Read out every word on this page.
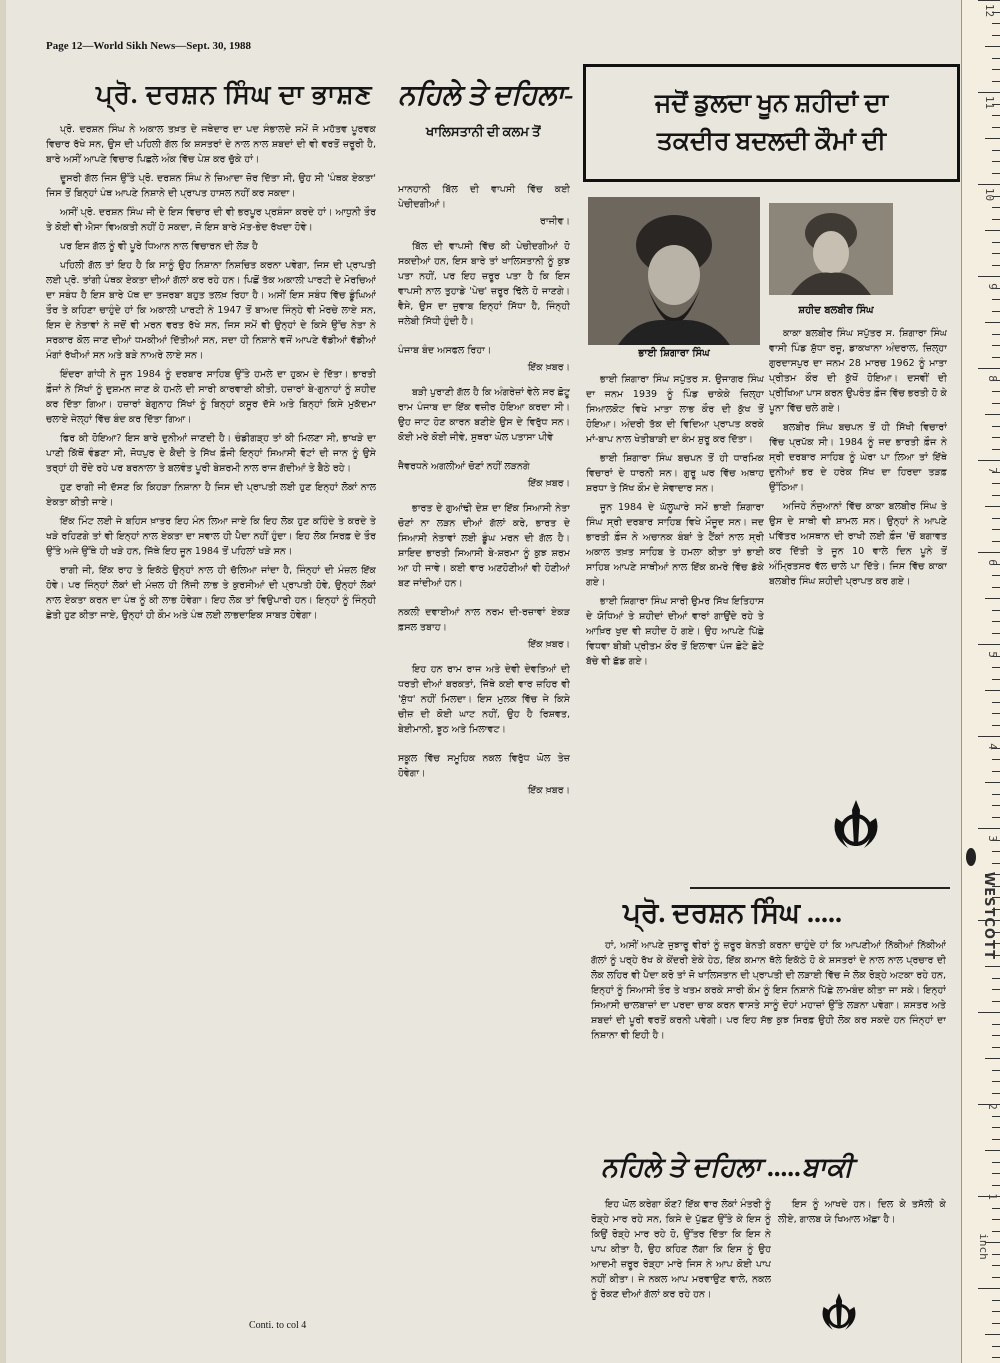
Page 12—World Sikh News—Sept. 30, 1988
ਪ੍ਰੋ. ਦਰਸ਼ਨ ਸਿੰਘ ਦਾ ਭਾਸ਼ਣ

ਪ੍ਰੋ. ਦਰਸ਼ਨ ਸਿੰਘ ਨੇ ਅਕਾਲ ਤਖ਼ਤ ਦੇ ਜਥੇਦਾਰ ਦਾ ਪਦ ਸੰਭਾਲਦੇ ਸਮੇਂ ਜੋ ਮਹੱਤਵ ਪੂਰਵਕ ਵਿਚਾਰ ਰੱਖੇ ਸਨ, ਉਸ ਦੀ ਪਹਿਲੀ ਗੱਲ ਕਿ ਸ਼ਸਤਰਾਂ ਦੇ ਨਾਲ ਨਾਲ ਸ਼ਬਦਾਂ ਦੀ ਵੀ ਵਰਤੋਂ ਜ਼ਰੂਰੀ ਹੈ, ਬਾਰੇ ਅਸੀਂ ਆਪਣੇ ਵਿਚਾਰ ਪਿਛਲੇ ਅੰਕ ਵਿੱਚ ਪੇਸ਼ ਕਰ ਚੁੱਕੇ ਹਾਂ।

ਦੂਸਰੀ ਗੱਲ ਜਿਸ ਉੱਤੇ ਪ੍ਰੋ. ਦਰਸ਼ਨ ਸਿੰਘ ਨੇ ਜ਼ਿਆਦਾ ਜ਼ੋਰ ਦਿੱਤਾ ਸੀ, ਉਹ ਸੀ 'ਪੰਥਕ ਏਕਤਾ' ਜਿਸ ਤੋਂ ਬਿਨ੍ਹਾਂ ਪੰਥ ਆਪਣੇ ਨਿਸ਼ਾਨੇ ਦੀ ਪ੍ਰਾਪਤ ਹਾਸਲ ਨਹੀਂ ਕਰ ਸਕਦਾ।

ਅਸੀਂ ਪ੍ਰੋ. ਦਰਸ਼ਨ ਸਿੰਘ ਜੀ ਦੇ ਇਸ ਵਿਚਾਰ ਦੀ ਵੀ ਭਰਪੂਰ ਪ੍ਰਸ਼ੰਸਾ ਕਰਦੇ ਹਾਂ। ਆਧੁਨੀ ਤੌਰ ਤੇ ਕੋਈ ਵੀ ਐਸਾ ਵਿਅਕਤੀ ਨਹੀਂ ਹੋ ਸਕਦਾ, ਜੋ ਇਸ ਬਾਰੇ ਮੱਤ-ਭੇਦ ਰੱਖਦਾ ਹੋਵੇ।

ਪਰ ਇਸ ਗੱਲ ਨੂੰ ਵੀ ਪੂਰੇ ਧਿਆਨ ਨਾਲ ਵਿਚਾਰਨ ਦੀ ਲੋੜ ਹੈ

ਪਹਿਲੀ ਗੱਲ ਤਾਂ ਇਹ ਹੈ ਕਿ ਸਾਨੂੰ ਉਹ ਨਿਸ਼ਾਨਾ ਨਿਸ਼ਚਿਤ ਕਰਨਾ ਪਵੇਗਾ, ਜਿਸ ਦੀ ਪ੍ਰਾਪਤੀ ਲਈ ਪ੍ਰੋ. ਤਾਂਗੀ ਪੰਥਕ ਏਕਤਾ ਦੀਆਂ ਗੱਲਾਂ ਕਰ ਰਹੇ ਹਨ। ਪਿਛੋਂ ਤੱਕ ਅਕਾਲੀ ਪਾਰਟੀ ਦੇ ਮੋਰਚਿਆਂ ਦਾ ਸਬੰਧ ਹੈ ਇਸ ਬਾਰੇ ਪੱਥ ਦਾ ਤਜਰਬਾ ਬਹੁਤ ਤਲਖ਼ ਰਿਹਾ ਹੈ। ਅਸੀਂ ਇਸ ਸਬੰਧ ਵਿੱਚ ਡੂੰਘਿਆਂ ਤੌਰ ਤੇ ਕਹਿਣਾ ਚਾਹੁੰਦੇ ਹਾਂ ਕਿ ਅਕਾਲੀ ਪਾਰਟੀ ਨੇ 1947 ਤੋਂ ਬਾਅਦ ਜਿੰਨ੍ਹੇ ਵੀ ਮੋਰਚੇ ਲਾਏ ਸਨ, ਇਸ ਦੇ ਨੇਤਾਵਾਂ ਨੇ ਜਦੋਂ ਵੀ ਮਰਨ ਵਰਤ ਰੱਖੇ ਸਨ, ਜਿਸ ਸਮੇਂ ਵੀ ਉਨ੍ਹਾਂ ਦੇ ਕਿਸੇ ਉੱਚ ਨੇਤਾ ਨੇ ਸਰਕਾਰ ਕੋਲ ਜਾਣ ਦੀਆਂ ਧਮਕੀਆਂ ਦਿੱਤੀਆਂ ਸਨ, ਸਦਾ ਹੀ ਨਿਸ਼ਾਨੇ ਵਜੋਂ ਆਪਣੇ ਵੱਡੀਆਂ ਵੱਡੀਆਂ ਮੰਗਾਂ ਰੱਖੀਆਂ ਸਨ ਅਤੇ ਬੜੇ ਨਾਅਰੇ ਲਾਏ ਸਨ।

ਇੰਦਰਾ ਗਾਂਧੀ ਨੇ ਜੂਨ 1984 ਨੂੰ ਦਰਬਾਰ ਸਾਹਿਬ ਉੱਤੇ ਹਮਲੇ ਦਾ ਹੁਕਮ ਦੇ ਦਿੱਤਾ। ਭਾਰਤੀ ਫ਼ੌਜਾਂ ਨੇ ਸਿੱਖਾਂ ਨੂੰ ਦੁਸ਼ਮਨ ਜਾਣ ਕੇ ਹਮਲੇ ਦੀ ਸਾਰੀ ਕਾਰਵਾਈ ਕੀਤੀ, ਹਜ਼ਾਰਾਂ ਬੇ-ਗੁਨਾਹਾਂ ਨੂੰ ਸ਼ਹੀਦ ਕਰ ਦਿੱਤਾ ਗਿਆ। ਹਜ਼ਾਰਾਂ ਬੇਗੁਨਾਹ ਸਿੱਖਾਂ ਨੂੰ ਬਿਨ੍ਹਾਂ ਕਸੂਰ ਦੱਸੇ ਅਤੇ ਬਿਨ੍ਹਾਂ ਕਿਸੇ ਮੁਕੱਦਮਾ ਚਲਾਏ ਜੇਲ੍ਹਾਂ ਵਿੱਚ ਬੰਦ ਕਰ ਦਿੱਤਾ ਗਿਆ।

ਫਿਰ ਕੀ ਹੋਇਆ? ਇਸ ਬਾਰੇ ਦੁਨੀਆਂ ਜਾਣਦੀ ਹੈ। ਚੰਡੀਗੜ੍ਹ ਤਾਂ ਕੀ ਮਿਲਣਾ ਸੀ, ਭਾਖੜੇ ਦਾ ਪਾਣੀ ਕਿੱਥੋਂ ਵੰਡਣਾ ਸੀ, ਜੋਧਪੁਰ ਦੇ ਕੈਦੀ ਤੇ ਸਿੱਖ ਫ਼ੌਜੀ ਇਨ੍ਹਾਂ ਸਿਆਸੀ ਵੋਟਾਂ ਦੀ ਜਾਨ ਨੂੰ ਉਸੇ ਤਰ੍ਹਾਂ ਹੀ ਰੋਂਦੇ ਰਹੇ ਪਰ ਬਰਨਾਲਾ ਤੇ ਬਲਵੰਤ ਪੂਰੀ ਬੇਸ਼ਰਮੀ ਨਾਲ ਰਾਜ ਗੱਦੀਆਂ ਤੇ ਬੈਠੇ ਰਹੇ।

ਹੁਣ ਰਾਗੀ ਜੀ ਦੱਸਣ ਕਿ ਕਿਹੜਾ ਨਿਸ਼ਾਨਾ ਹੈ ਜਿਸ ਦੀ ਪ੍ਰਾਪਤੀ ਲਈ ਹੁਣ ਇਨ੍ਹਾਂ ਲੋਕਾਂ ਨਾਲ ਏਕਤਾ ਕੀਤੀ ਜਾਏ।

ਇੱਕ ਮਿੰਟ ਲਈ ਜੇ ਬਹਿਸ ਖ਼ਾਤਰ ਇਹ ਮੰਨ ਲਿਆ ਜਾਏ ਕਿ ਇਹ ਲੋਕ ਹੁਣ ਕਹਿੰਦੇ ਤੇ ਕਰਦੇ ਤੇ ਖੜੇ ਰਹਿਣਗੇ ਤਾਂ ਵੀ ਇਨ੍ਹਾਂ ਨਾਲ ਏਕਤਾ ਦਾ ਸਵਾਲ ਹੀ ਪੈਦਾ ਨਹੀਂ ਹੁੰਦਾ। ਇਹ ਲੋਕ ਸਿਰਫ਼ ਦੇ ਤੌਰ ਉੱਤੇ ਅਜੇ ਉੱਥੇ ਹੀ ਖੜੇ ਹਨ, ਜਿੱਥੇ ਇਹ ਜੂਨ 1984 ਤੋਂ ਪਹਿਲਾਂ ਖੜੇ ਸਨ।

ਰਾਗੀ ਜੀ, ਇੱਕ ਰਾਹ ਤੇ ਇਕੱਠੇ ਉਨ੍ਹਾਂ ਨਾਲ ਹੀ ਚੱਲਿਆ ਜਾਂਦਾ ਹੈ, ਜਿੰਨ੍ਹਾਂ ਦੀ ਮੰਜ਼ਲ ਇੱਕ ਹੋਵੇ। ਪਰ ਜਿੰਨ੍ਹਾਂ ਲੋਕਾਂ ਦੀ ਮੰਜ਼ਲ ਹੀ ਨਿੱਜੀ ਲਾਭ ਤੇ ਕੁਰਸੀਆਂ ਦੀ ਪ੍ਰਾਪਤੀ ਹੋਵੇ, ਉਨ੍ਹਾਂ ਲੋਕਾਂ ਨਾਲ ਏਕਤਾ ਕਰਨ ਦਾ ਪੰਥ ਨੂੰ ਕੀ ਲਾਭ ਹੋਵੇਗਾ। ਇਹ ਲੋਕ ਤਾਂ ਵਿਉਪਾਰੀ ਹਨ। ਇਨ੍ਹਾਂ ਨੂੰ ਜਿੰਨ੍ਹੀ ਛੇਤੀ ਹੁਣ ਕੀਤਾ ਜਾਏ, ਉਨ੍ਹਾਂ ਹੀ ਕੌਮ ਅਤੇ ਪੰਥ ਲਈ ਲਾਭਦਾਇਕ ਸਾਬਤ ਹੋਵੇਗਾ।

Conti. to col 4
ਨਹਿਲੇ ਤੇ ਦਹਿਲਾ-
ਖਾਲਿਸਤਾਨੀ ਦੀ ਕਲਮ ਤੋਂ

ਮਾਨਹਾਨੀ ਬਿੱਲ ਦੀ ਵਾਪਸੀ ਵਿੱਚ ਕਈ ਪੇਚੀਦਗੀਆਂ।

ਰਾਜੀਵ।

ਬਿੱਲ ਦੀ ਵਾਪਸੀ ਵਿੱਚ ਕੀ ਪੇਚੀਦਗੀਆਂ ਹੋ ਸਕਦੀਆਂ ਹਨ, ਇਸ ਬਾਰੇ ਤਾਂ ਖਾਲਿਸਤਾਨੀ ਨੂੰ ਕੁਝ ਪਤਾ ਨਹੀਂ, ਪਰ ਇਹ ਜ਼ਰੂਰ ਪਤਾ ਹੈ ਕਿ ਇਸ ਵਾਪਸੀ ਨਾਲ ਤੁਹਾਡੇ 'ਪੇਚ' ਜ਼ਰੂਰ ਢਿੱਲੇ ਹੋ ਜਾਣਗੇ। ਵੈਸੇ, ਉਸ ਦਾ ਜੁਵਾਬ ਇਨ੍ਹਾਂ ਸਿੱਧਾ ਹੈ, ਜਿੰਨ੍ਹੀ ਜਲੇਬੀ ਸਿੱਧੀ ਹੁੰਦੀ ਹੈ।

ਪੰਜਾਬ ਬੰਦ ਅਸਫਲ ਰਿਹਾ।

ਇੱਕ ਖ਼ਬਰ।

ਬੜੀ ਪੁਰਾਣੀ ਗੱਲ ਹੈ ਕਿ ਅੰਗਰੇਜ਼ਾਂ ਵੇਲੇ ਸਰ ਛੋਟੂ ਰਾਮ ਪੰਜਾਬ ਦਾ ਇੱਕ ਵਜ਼ੀਰ ਹੋਇਆ ਕਰਦਾ ਸੀ। ਉਹ ਜਾਟ ਹੋਣ ਕਾਰਨ ਬਣੀਏ ਉਸ ਦੇ ਵਿਰੁੱਧ ਸਨ। ਕੋਈ ਮਰੇ ਕੋਈ ਜੀਵੇ, ਸੁਥਰਾ ਘੋਲ ਪਤਾਸਾ ਪੀਵੇ

ਜੈਵਰਧਨੇ ਅਗਲੀਆਂ ਚੋਣਾਂ ਨਹੀਂ ਲੜਨਗੇ

ਇੱਕ ਖ਼ਬਰ।

ਭਾਰਤ ਦੇ ਗੁਆਂਢੀ ਦੇਸ਼ ਦਾ ਇੱਕ ਸਿਆਸੀ ਨੇਤਾ ਚੋਣਾਂ ਨਾ ਲੜਨ ਦੀਆਂ ਗੱਲਾਂ ਕਰੇ, ਭਾਰਤ ਦੇ ਸਿਆਸੀ ਨੇਤਾਵਾਂ ਲਈ ਡੂੰਘ ਮਰਨ ਦੀ ਗੱਲ ਹੈ। ਸ਼ਾਇਦ ਭਾਰਤੀ ਸਿਆਸੀ ਬੇ-ਸ਼ਰਮਾ ਨੂੰ ਕੁਝ ਸ਼ਰਮ ਆ ਹੀ ਜਾਵੇ। ਕਈ ਵਾਰ ਅਣਹੋਣੀਆਂ ਵੀ ਹੋਣੀਆਂ ਬਣ ਜਾਂਦੀਆਂ ਹਨ।

ਨਕਲੀ ਦਵਾਈਆਂ ਨਾਲ ਨਰਮ ਦੀ-ਰਜ਼ਾਵਾਂ ਏਕੜ ਫ਼ਸਲ ਤਬਾਹ।

ਇੱਕ ਖ਼ਬਰ।

ਇਹ ਹਨ ਰਾਮ ਰਾਜ ਅਤੇ ਦੇਵੀ ਦੇਵਤਿਆਂ ਦੀ ਧਰਤੀ ਦੀਆਂ ਬਰਕਤਾਂ, ਜਿੱਥੇ ਕਈ ਵਾਰ ਜ਼ਹਿਰ ਵੀ 'ਸ਼ੁੱਧ' ਨਹੀਂ ਮਿਲਦਾ। ਇਸ ਮੁਲਕ ਵਿੱਚ ਜੇ ਕਿਸੇ ਚੀਜ਼ ਦੀ ਕੋਈ ਘਾਟ ਨਹੀਂ, ਉਹ ਹੈ ਰਿਸ਼ਵਤ, ਬੇਈਮਾਨੀ, ਝੂਠ ਅਤੇ ਮਿਲਾਵਟ।

ਸਕੂਲ ਵਿੱਚ ਸਮੂਹਿਕ ਨਕਲ ਵਿਰੁੱਧ ਘੋਲ ਤੇਜ਼ ਹੋਵੇਗਾ।

ਇੱਕ ਖ਼ਬਰ।

ਜਦੋਂ ਡੁਲਦਾ ਖੂਨ ਸ਼ਹੀਦਾਂ ਦਾ
ਤਕਦੀਰ ਬਦਲਦੀ ਕੌਮਾਂ ਦੀ
ਭਾਈ ਸ਼ਿਗਾਰਾ ਸਿੰਘ
ਸ਼ਹੀਦ ਬਲਬੀਰ ਸਿੰਘ

ਭਾਈ ਸ਼ਿਗਾਰਾ ਸਿੰਘ ਸਪੁੱਤਰ ਸ. ਉਜਾਗਰ ਸਿੰਘ ਦਾ ਜਨਮ 1939 ਨੂੰ ਪਿੰਡ ਚਾਕੇਕੇ ਜ਼ਿਲ੍ਹਾ ਸਿਆਲਕੋਟ ਵਿਖੇ ਮਾਤਾ ਲਾਭ ਕੌਰ ਦੀ ਕੁੱਖ ਤੋਂ ਹੋਇਆ। ਅੰਦਰੀ ਤੱਕ ਦੀ ਵਿਦਿਆ ਪ੍ਰਾਪਤ ਕਰਕੇ ਮਾਂ-ਬਾਪ ਨਾਲ ਖੇਤੀਬਾੜੀ ਦਾ ਕੰਮ ਸ਼ੁਰੂ ਕਰ ਦਿੱਤਾ।

ਭਾਈ ਸ਼ਿਗਾਰਾ ਸਿੰਘ ਬਚਪਨ ਤੋਂ ਹੀ ਧਾਰਮਿਕ ਵਿਚਾਰਾਂ ਦੇ ਧਾਰਨੀ ਸਨ। ਗੁਰੂ ਘਰ ਵਿੱਚ ਅਥਾਹ ਸ਼ਰਧਾ ਤੇ ਸਿੱਖ ਕੌਮ ਦੇ ਸੇਵਾਦਾਰ ਸਨ।

ਜੂਨ 1984 ਦੇ ਘੱਲੂਘਾਰੇ ਸਮੇਂ ਭਾਈ ਸ਼ਿਗਾਰਾ ਸਿੰਘ ਸ੍ਰੀ ਦਰਬਾਰ ਸਾਹਿਬ ਵਿਖੇ ਮੌਜੂਦ ਸਨ। ਜਦ ਭਾਰਤੀ ਫ਼ੌਜ ਨੇ ਅਚਾਨਕ ਬੰਬਾਂ ਤੇ ਟੈਂਕਾਂ ਨਾਲ ਸ੍ਰੀ ਅਕਾਲ ਤਖ਼ਤ ਸਾਹਿਬ ਤੇ ਹਮਲਾ ਕੀਤਾ ਤਾਂ ਭਾਈ ਸਾਹਿਬ ਆਪਣੇ ਸਾਥੀਆਂ ਨਾਲ ਇੱਕ ਕਮਰੇ ਵਿੱਚ ਡੱਕੇ ਗਏ।

ਭਾਈ ਸ਼ਿਗਾਰਾ ਸਿੰਘ ਸਾਰੀ ਉਮਰ ਸਿੱਖ ਇਤਿਹਾਸ ਦੇ ਯੋਧਿਆਂ ਤੇ ਸ਼ਹੀਦਾਂ ਦੀਆਂ ਵਾਰਾਂ ਗਾਉਂਦੇ ਰਹੇ ਤੇ ਆਖ਼ਿਰ ਖੁਦ ਵੀ ਸ਼ਹੀਦ ਹੋ ਗਏ। ਉਹ ਆਪਣੇ ਪਿੱਛੇ ਵਿਧਵਾ ਬੀਬੀ ਪ੍ਰੀਤਮ ਕੌਰ ਤੋਂ ਇਲਾਵਾ ਪੰਜ ਛੋਟੇ ਛੋਟੇ ਬੱਚੇ ਵੀ ਛੱਡ ਗਏ।

ਕਾਕਾ ਬਲਬੀਰ ਸਿੰਘ ਸਪੁੱਤਰ ਸ. ਸ਼ਿਗਾਰਾ ਸਿੰਘ ਵਾਸੀ ਪਿੰਡ ਸ਼ੁੱਧਾ ਰਜੂ, ਡਾਕਖਾਨਾ ਅੰਦਰਾਲ, ਜ਼ਿਲ੍ਹਾ ਗੁਰਦਾਸਪੁਰ ਦਾ ਜਨਮ 28 ਮਾਰਚ 1962 ਨੂੰ ਮਾਤਾ ਪ੍ਰੀਤਮ ਕੌਰ ਦੀ ਕੁੱਖੋਂ ਹੋਇਆ। ਦਸਵੀਂ ਦੀ ਪ੍ਰੀਖਿਆ ਪਾਸ ਕਰਨ ਉਪਰੰਤ ਫ਼ੌਜ ਵਿੱਚ ਭਰਤੀ ਹੋ ਕੇ ਪੂਨਾ ਵਿੱਚ ਚਲੇ ਗਏ।

ਬਲਬੀਰ ਸਿੰਘ ਬਚਪਨ ਤੋਂ ਹੀ ਸਿੱਖੀ ਵਿਚਾਰਾਂ ਵਿੱਚ ਪ੍ਰਪੱਕ ਸੀ। 1984 ਨੂੰ ਜਦ ਭਾਰਤੀ ਫ਼ੌਜ ਨੇ ਸ੍ਰੀ ਦਰਬਾਰ ਸਾਹਿਬ ਨੂੰ ਘੇਰਾ ਪਾ ਲਿਆ ਤਾਂ ਇੱਥੇ ਦੁਨੀਆਂ ਭਰ ਦੇ ਹਰੇਕ ਸਿੱਖ ਦਾ ਹਿਰਦਾ ਤੜਫ਼ ਉੱਠਿਆ।

ਅਜਿਹੇ ਨੌਜੁਆਨਾਂ ਵਿੱਚ ਕਾਕਾ ਬਲਬੀਰ ਸਿੰਘ ਤੇ ਉਸ ਦੇ ਸਾਥੀ ਵੀ ਸ਼ਾਮਲ ਸਨ। ਉਨ੍ਹਾਂ ਨੇ ਆਪਣੇ ਪਵਿੱਤਰ ਅਸਥਾਨ ਦੀ ਰਾਖੀ ਲਈ ਫ਼ੌਜ 'ਚੋਂ ਬਗਾਵਤ ਕਰ ਦਿੱਤੀ ਤੇ ਜੂਨ 10 ਵਾਲੇ ਦਿਨ ਪੂਨੇ ਤੋਂ ਅੰਮ੍ਰਿਤਸਰ ਵੱਲ ਚਾਲੇ ਪਾ ਦਿੱਤੇ। ਜਿਸ ਵਿੱਚ ਕਾਕਾ ਬਲਬੀਰ ਸਿੰਘ ਸ਼ਹੀਦੀ ਪ੍ਰਾਪਤ ਕਰ ਗਏ।

ਪ੍ਰੋ. ਦਰਸ਼ਨ ਸਿੰਘ .....

ਹਾਂ, ਅਸੀਂ ਆਪਣੇ ਜੁਝਾਰੂ ਵੀਰਾਂ ਨੂੰ ਜ਼ਰੂਰ ਬੇਨਤੀ ਕਰਨਾ ਚਾਹੁੰਦੇ ਹਾਂ ਕਿ ਆਪਣੀਆਂ ਨਿੱਕੀਆਂ ਨਿੱਕੀਆਂ ਗੱਲਾਂ ਨੂੰ ਪਰ੍ਹੇ ਰੱਖ ਕੇ ਕੇਂਦਰੀ ਏਕੇ ਹੇਠ, ਇੱਕ ਕਮਾਨ ਥੱਲੇ ਇਕੱਠੇ ਹੋ ਕੇ ਸ਼ਸਤਰਾਂ ਦੇ ਨਾਲ ਨਾਲ ਪ੍ਰਚਾਰ ਦੀ ਲੋਕ ਲਹਿਰ ਵੀ ਪੈਦਾ ਕਰੋ ਤਾਂ ਜੋ ਖਾਲਿਸਤਾਨ ਦੀ ਪ੍ਰਾਪਤੀ ਦੀ ਲੜਾਈ ਵਿੱਚ ਜੋ ਲੋਕ ਰੋੜ੍ਹੇ ਅਟਕਾ ਰਹੇ ਹਨ, ਇਨ੍ਹਾਂ ਨੂੰ ਸਿਆਸੀ ਤੌਰ ਤੇ ਖਤਮ ਕਰਕੇ ਸਾਰੀ ਕੌਮ ਨੂੰ ਇਸ ਨਿਸ਼ਾਨੇ ਪਿੱਛੇ ਲਾਮਬੰਦ ਕੀਤਾ ਜਾ ਸਕੇ। ਇਨ੍ਹਾਂ ਸਿਆਸੀ ਚਾਲਬਾਜ਼ਾਂ ਦਾ ਪਰਦਾ ਚਾਕ ਕਰਨ ਵਾਸਤੇ ਸਾਨੂੰ ਦੋਹਾਂ ਮਹਾਜ਼ਾਂ ਉੱਤੇ ਲੜਨਾ ਪਵੇਗਾ। ਸ਼ਸਤਰ ਅਤੇ ਸ਼ਬਦਾਂ ਦੀ ਪੂਰੀ ਵਰਤੋਂ ਕਰਨੀ ਪਵੇਗੀ। ਪਰ ਇਹ ਸੱਭ ਕੁਝ ਸਿਰਫ਼ ਉਹੀ ਲੋਕ ਕਰ ਸਕਦੇ ਹਨ ਜਿੰਨ੍ਹਾਂ ਦਾ ਨਿਸ਼ਾਨਾ ਵੀ ਇਹੀ ਹੈ।

ਨਹਿਲੇ ਤੇ ਦਹਿਲਾ .....ਬਾਕੀ

ਇਹ ਘੋਲ ਕਰੇਗਾ ਕੌਣ? ਇੱਕ ਵਾਰ ਲੋਕਾਂ ਮੰਤਰੀ ਨੂੰ ਰੋੜ੍ਹੇ ਮਾਰ ਰਹੇ ਸਨ, ਕਿਸੇ ਦੇ ਪੁੱਛਣ ਉੱਤੇ ਕੇ ਇਸ ਨੂੰ ਕਿਉਂ ਰੋੜ੍ਹੇ ਮਾਰ ਰਹੇ ਹੋ, ਉੱਤਰ ਦਿੱਤਾ ਕਿ ਇਸ ਨੇ ਪਾਪ ਕੀਤਾ ਹੈ, ਉਹ ਕਹਿਣ ਲੱਗਾ ਕਿ ਇਸ ਨੂੰ ਉਹ ਆਦਮੀ ਜ਼ਰੂਰ ਰੋੜ੍ਹਾ ਮਾਰੇ ਜਿਸ ਨੇ ਆਪ ਕੋਈ ਪਾਪ ਨਹੀਂ ਕੀਤਾ। ਜੇ ਨਕਲ ਆਪ ਮਰਵਾਉਣ ਵਾਲੇ, ਨਕਲ ਨੂੰ ਰੋਕਣ ਦੀਆਂ ਗੱਲਾਂ ਕਰ ਰਹੇ ਹਨ।

ਇਸ ਨੂੰ ਆਖਦੇ ਹਨ। ਦਿਲ ਕੇ ਤਸੱਲੀ ਕੇ ਲੀਏ, ਗਾਲਬ ਯੇ ਖਿਆਲ ਅੱਛਾ ਹੈ।

12
11
10
9
8
7
6
5
4
3
2
1
WESTCOTT
inch
